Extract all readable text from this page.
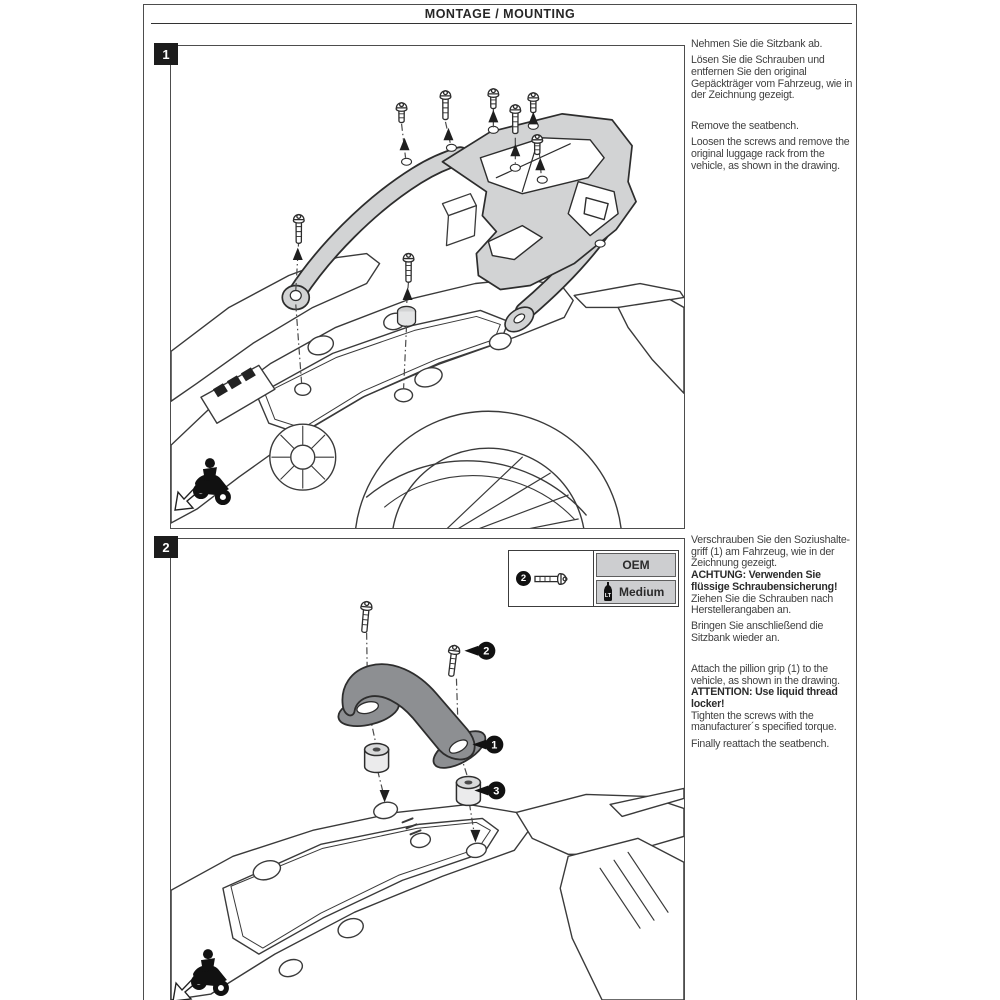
MONTAGE / MOUNTING
1
Nehmen Sie die Sitzbank ab.
Lösen Sie die Schrauben und entfernen Sie den original Gepäckträger vom Fahrzeug, wie in der Zeichnung gezeigt.
Remove the seatbench.
Loosen the screws and remove the original luggage rack from the vehicle, as shown in the drawing.
2
2
1
3
2
OEM
LT Medium
Verschrauben Sie den Soziushalte-griff (1) am Fahrzeug, wie in der Zeichnung gezeigt.
ACHTUNG: Verwenden Sie flüssige Schraubensicherung!
Ziehen Sie die Schrauben nach Herstellerangaben an.
Bringen Sie anschließend die Sitzbank wieder an.
Attach the pillion grip (1) to the vehicle, as shown in the drawing.
ATTENTION: Use liquid thread locker!
Tighten the screws with the manufacturer´s specified torque.
Finally reattach the seatbench.
